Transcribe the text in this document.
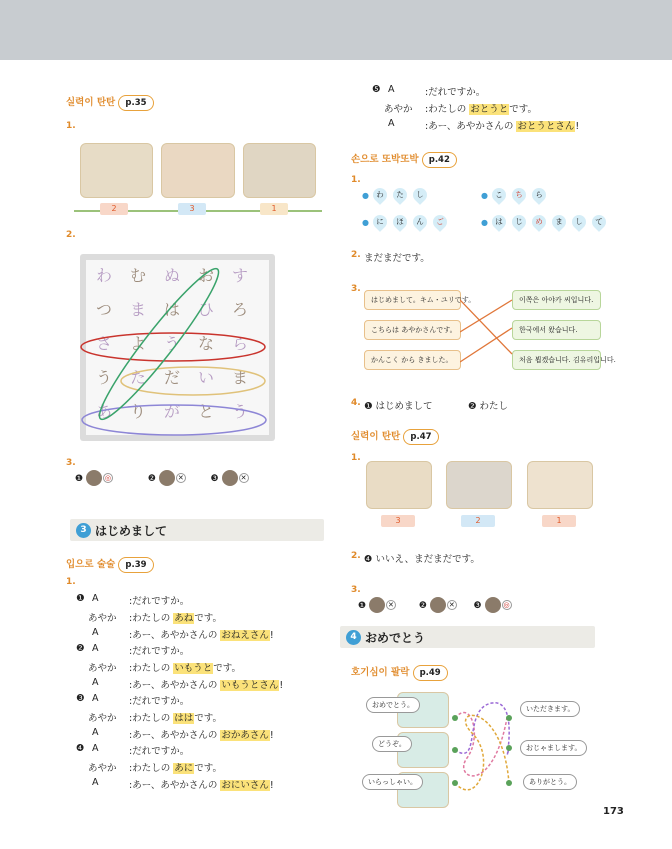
실력이 탄탄 p.35
1.
2	3	1
2.
わ	む	ぬ	お	す
つ	ま	は	ひ	ろ
さ	よ	う	な	ら
う	た	だ	い	ま
あ	り	が	と	う
3.
❶	◎	❷	✕	❸	✕
3 はじめまして
입으로 술술 p.39
1.
❶ A	:だれですか。
あやか :わたしの あねです。
A	:あー、あやかさんの おねえさん!
❷ A	:だれですか。
あやか :わたしの いもうとです。
A	:あー、あやかさんの いもうとさん!
❸ A	:だれですか。
あやか :わたしの ははです。
A	:あー、あやかさんの おかあさん!
❹ A	:だれですか。
あやか :わたしの あにです。
A	:あー、あやかさんの おにいさん!
❺ A	:だれですか。
あやか :わたしの おとうとです。
A	:あー、あやかさんの おとうとさん!
손으로 또박또박 p.42
1.
● わ	た	し	● こ	ち	ら
● に	ほ	ん	ご	● は	じ	め	ま	し	て
2. まだまだです。
3.
はじめまして。キム・ユリです。
こちらは あやかさんです。
かんこく から きました。
이쪽은 아야카 씨입니다.
한국에서 왔습니다.
처음 뵙겠습니다. 김유리입니다.
4. ❶ はじめまして	❷ わたし
실력이 탄탄 p.47
1.
3	2	1
2. ❹ いいえ、まだまだです。
3.
❶	✕	❷	✕ ❸	◎
4 おめでとう
호기심이 팔락 p.49
おめでとう。
どうぞ。
いらっしゃい。
いただきます。
おじゃまします。
ありがとう。
173
